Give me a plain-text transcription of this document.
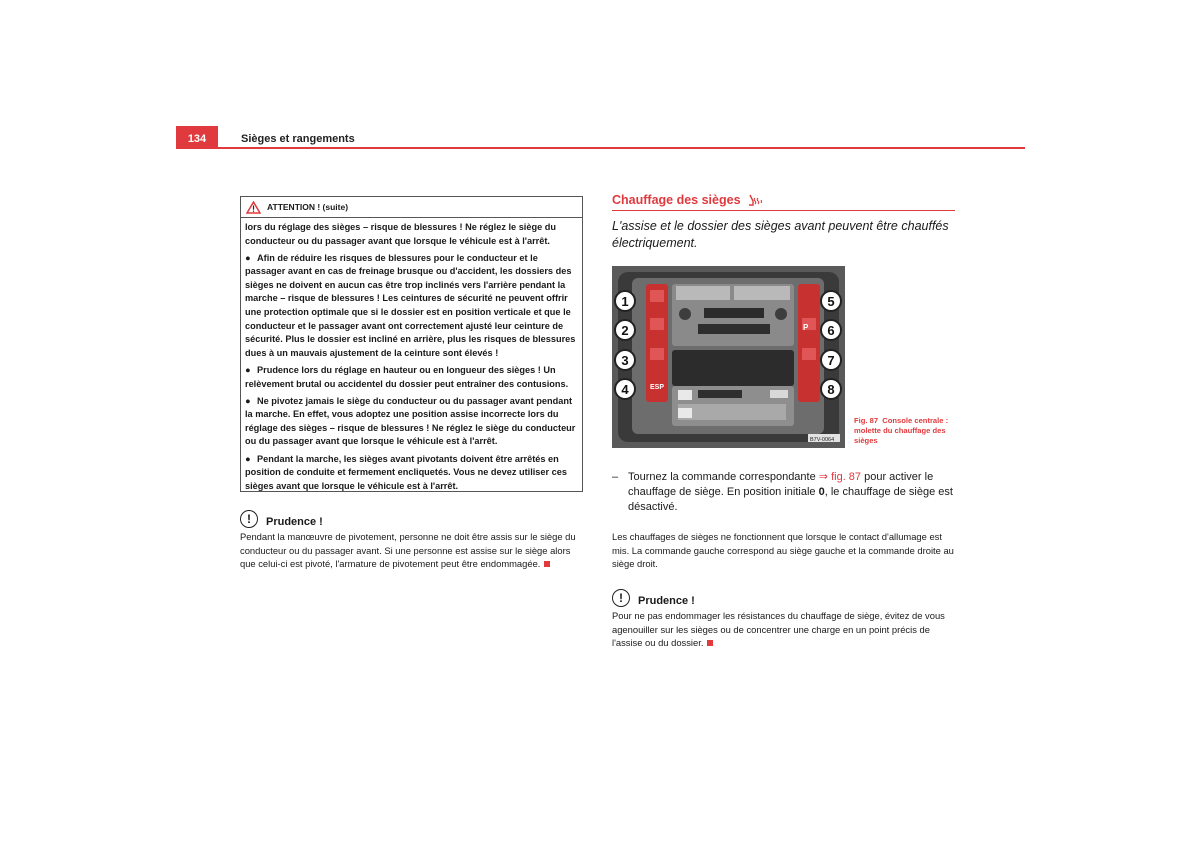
134	Sièges et rangements
ATTENTION ! (suite)

lors du réglage des sièges – risque de blessures ! Ne réglez le siège du conducteur ou du passager avant que lorsque le véhicule est à l'arrêt.

● Afin de réduire les risques de blessures pour le conducteur et le passager avant en cas de freinage brusque ou d'accident, les dossiers des sièges ne doivent en aucun cas être trop inclinés vers l'arrière pendant la marche – risque de blessures ! Les ceintures de sécurité ne peuvent offrir une protection optimale que si le dossier est en position verticale et que le conducteur et le passager avant ont correctement ajusté leur ceinture de sécurité. Plus le dossier est incliné en arrière, plus les risques de blessures dues à un mauvais ajustement de la ceinture sont élevés !

● Prudence lors du réglage en hauteur ou en longueur des sièges ! Un relèvement brutal ou accidentel du dossier peut entraîner des contusions.

● Ne pivotez jamais le siège du conducteur ou du passager avant pendant la marche. En effet, vous adoptez une position assise incorrecte lors du réglage des sièges – risque de blessures ! Ne réglez le siège du conducteur ou du passager avant que lorsque le véhicule est à l'arrêt.

● Pendant la marche, les sièges avant pivotants doivent être arrêtés en position de conduite et fermement encliquetés. Vous ne devez utiliser ces sièges avant que lorsque le véhicule est à l'arrêt.

!	Prudence !
Pendant la manœuvre de pivotement, personne ne doit être assis sur le siège du conducteur ou du passager avant. Si une personne est assise sur le siège alors que celui-ci est pivoté, l'armature de pivotement peut être endommagée.
Chauffage des sièges
L'assise et le dossier des sièges avant peuvent être chauffés électriquement.
ESP
P
B7V-0064
1
2
3
4
5
6
7
8
Fig. 87 Console centrale : molette du chauffage des sièges
– Tournez la commande correspondante ⇒ fig. 87 pour activer le chauffage de siège. En position initiale 0, le chauffage de siège est désactivé.
Les chauffages de sièges ne fonctionnent que lorsque le contact d'allumage est mis. La commande gauche correspond au siège gauche et la commande droite au siège droit.
!	Prudence !
Pour ne pas endommager les résistances du chauffage de siège, évitez de vous agenouiller sur les sièges ou de concentrer une charge en un point précis de l'assise ou du dossier.
